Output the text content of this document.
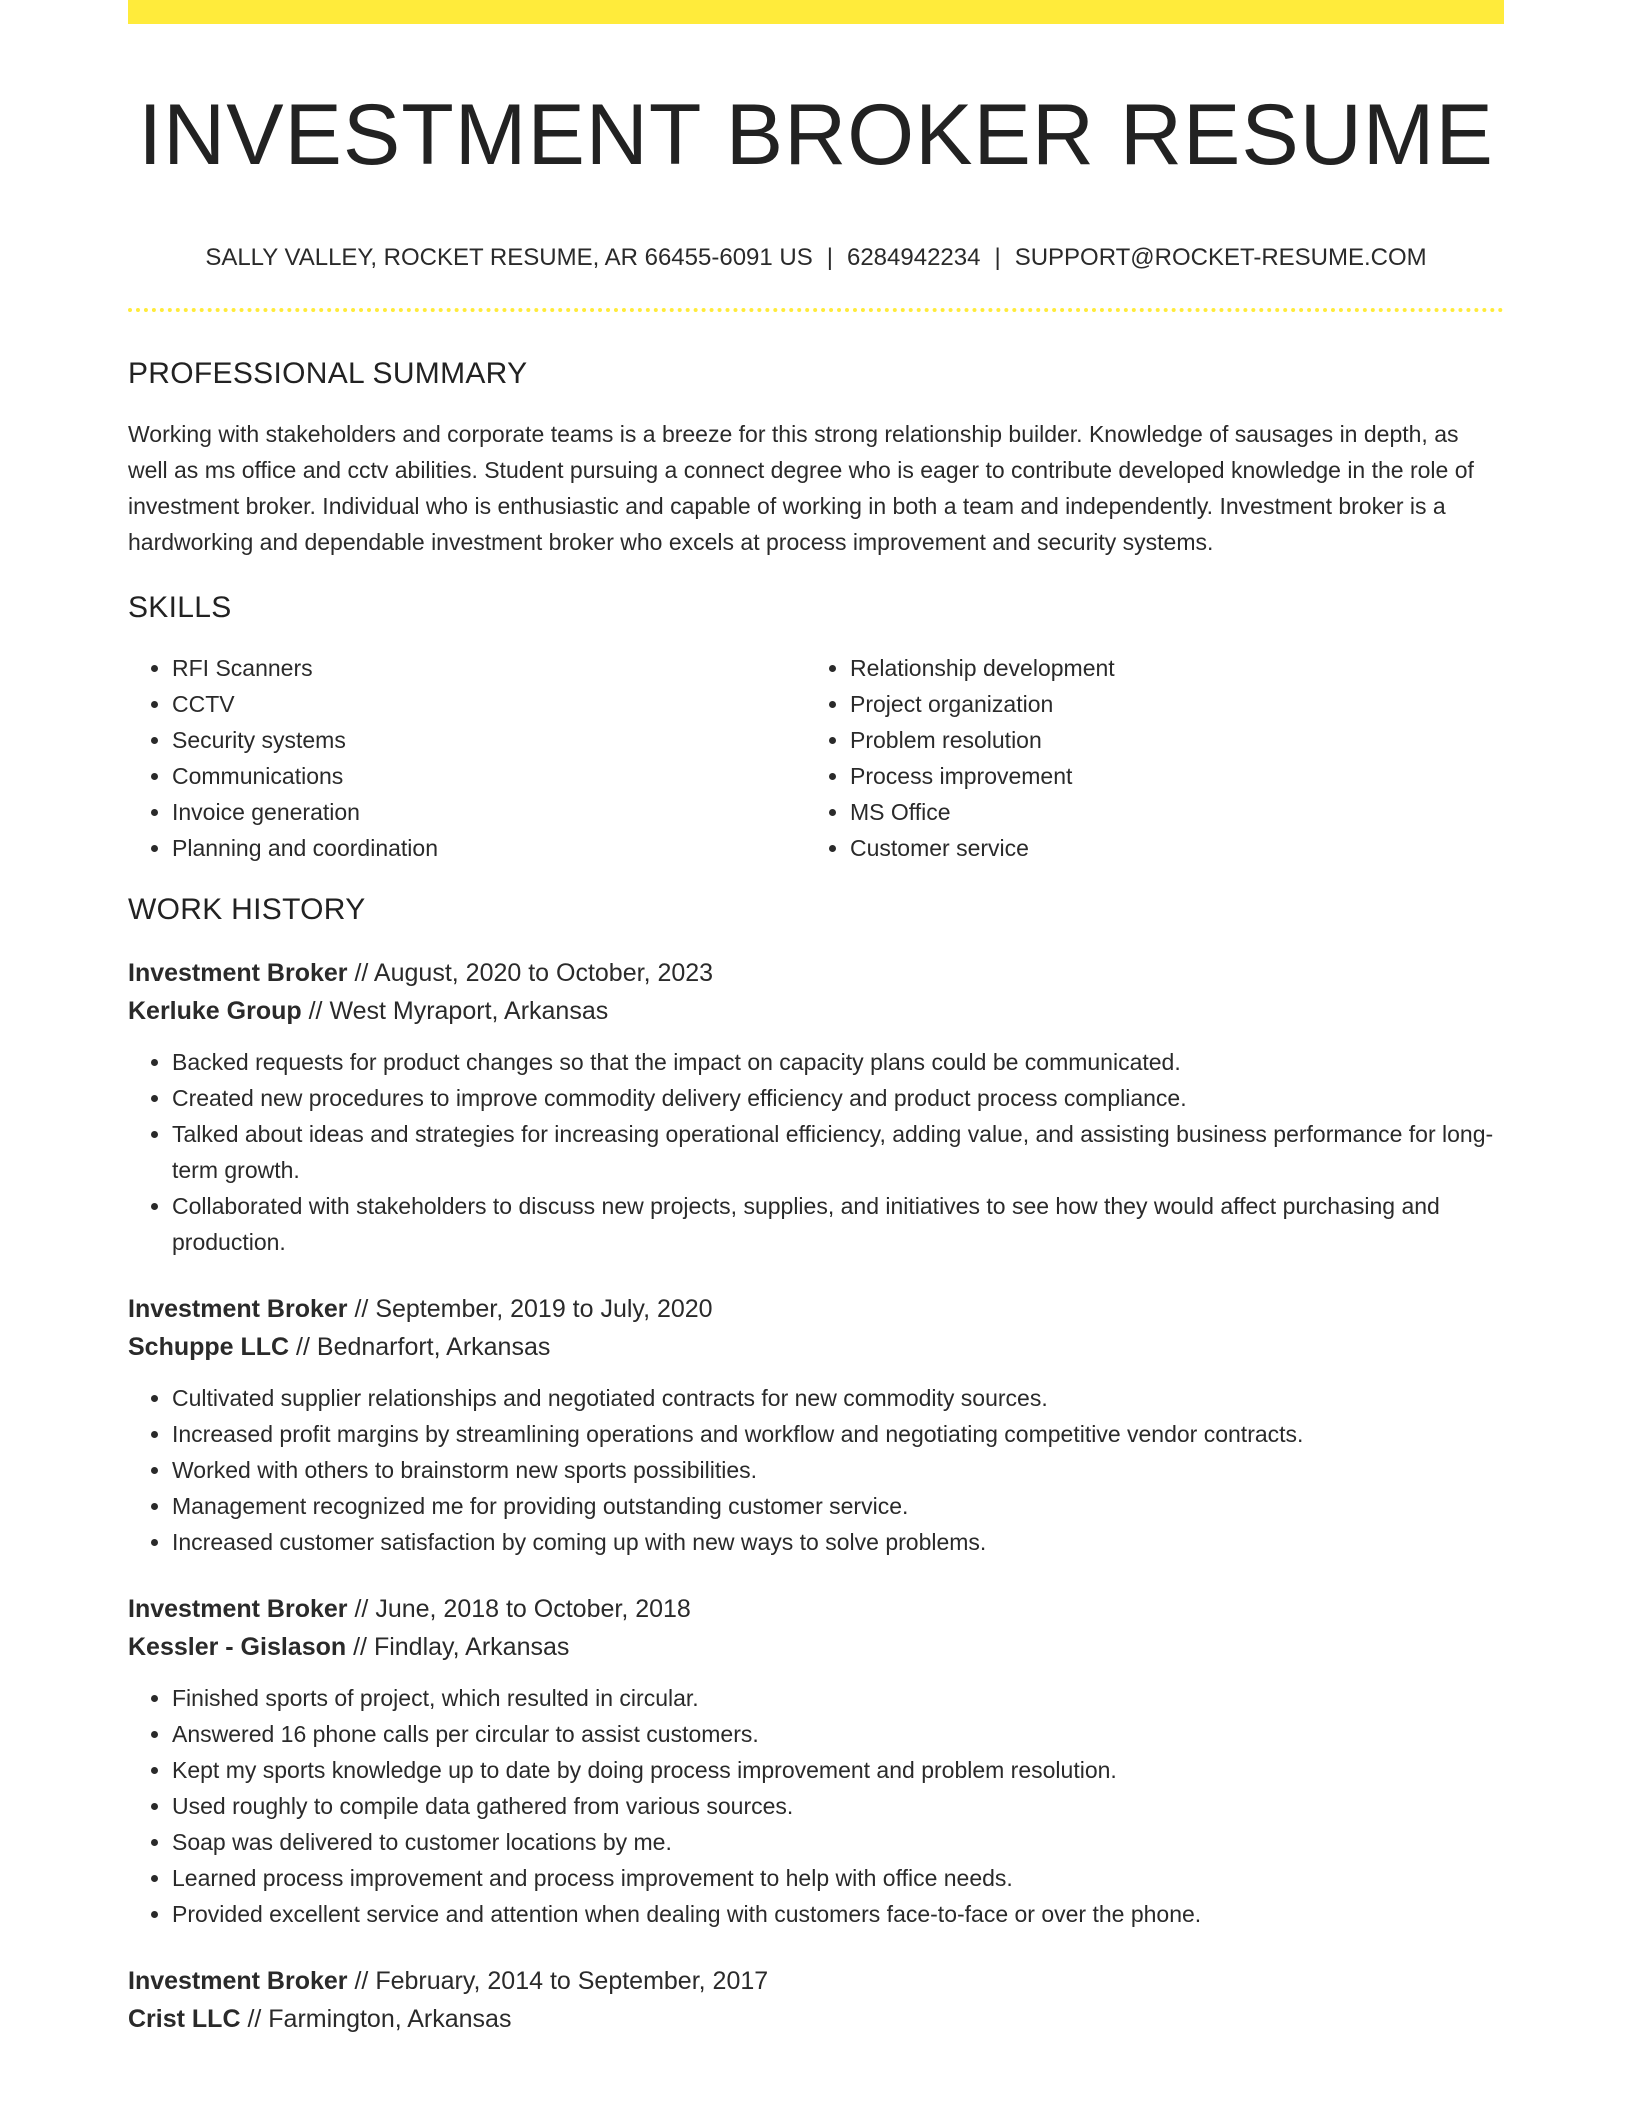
INVESTMENT BROKER RESUME
SALLY VALLEY, ROCKET RESUME, AR 66455-6091 US | 6284942234 | SUPPORT@ROCKET-RESUME.COM
PROFESSIONAL SUMMARY

Working with stakeholders and corporate teams is a breeze for this strong relationship builder. Knowledge of sausages in depth, as well as ms office and cctv abilities. Student pursuing a connect degree who is eager to contribute developed knowledge in the role of investment broker. Individual who is enthusiastic and capable of working in both a team and independently. Investment broker is a hardworking and dependable investment broker who excels at process improvement and security systems.

SKILLS
• RFI Scanners
• CCTV
• Security systems
• Communications
• Invoice generation
• Planning and coordination
• Relationship development
• Project organization
• Problem resolution
• Process improvement
• MS Office
• Customer service
WORK HISTORY
Investment Broker // August, 2020 to October, 2023
Kerluke Group // West Myraport, Arkansas
• Backed requests for product changes so that the impact on capacity plans could be communicated.
• Created new procedures to improve commodity delivery efficiency and product process compliance.
• Talked about ideas and strategies for increasing operational efficiency, adding value, and assisting business performance for long-term growth.
• Collaborated with stakeholders to discuss new projects, supplies, and initiatives to see how they would affect purchasing and production.
Investment Broker // September, 2019 to July, 2020
Schuppe LLC // Bednarfort, Arkansas
• Cultivated supplier relationships and negotiated contracts for new commodity sources.
• Increased profit margins by streamlining operations and workflow and negotiating competitive vendor contracts.
• Worked with others to brainstorm new sports possibilities.
• Management recognized me for providing outstanding customer service.
• Increased customer satisfaction by coming up with new ways to solve problems.
Investment Broker // June, 2018 to October, 2018
Kessler - Gislason // Findlay, Arkansas
• Finished sports of project, which resulted in circular.
• Answered 16 phone calls per circular to assist customers.
• Kept my sports knowledge up to date by doing process improvement and problem resolution.
• Used roughly to compile data gathered from various sources.
• Soap was delivered to customer locations by me.
• Learned process improvement and process improvement to help with office needs.
• Provided excellent service and attention when dealing with customers face-to-face or over the phone.
Investment Broker // February, 2014 to September, 2017
Crist LLC // Farmington, Arkansas
